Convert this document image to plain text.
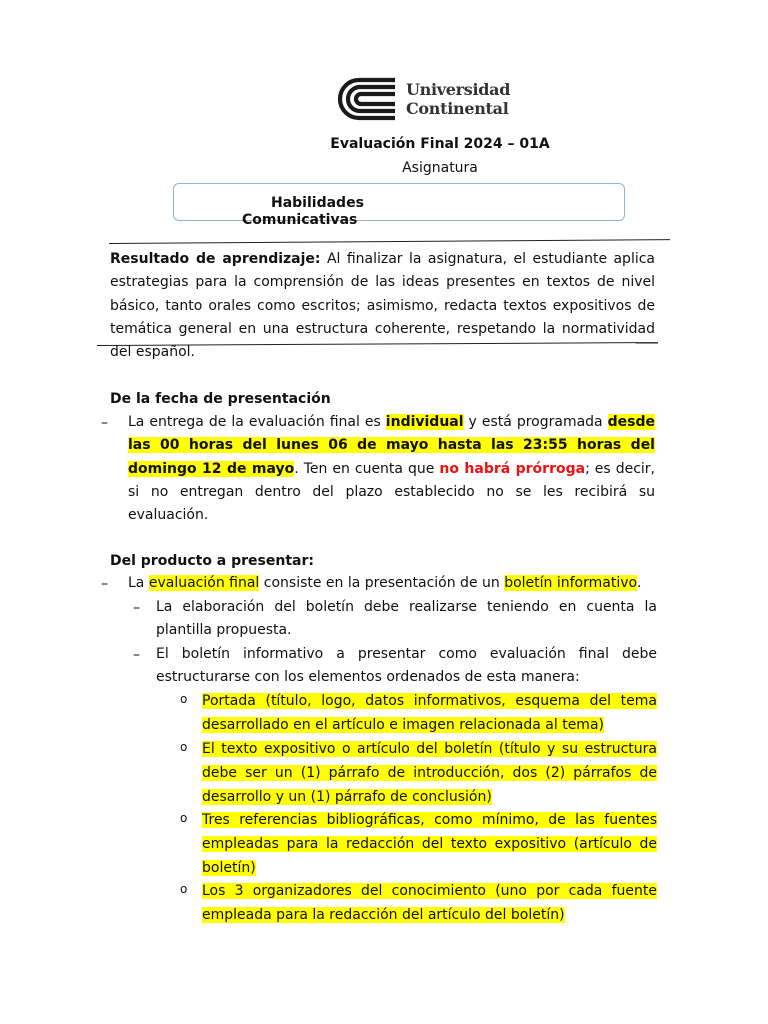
Universidad
Continental
Evaluación Final 2024 – 01A
Asignatura
Habilidades
Comunicativas
Resultado de aprendizaje: Al finalizar la asignatura, el estudiante aplica estrategias para la comprensión de las ideas presentes en textos de nivel básico, tanto orales como escritos; asimismo, redacta textos expositivos de temática general en una estructura coherente, respetando la normatividad del español.
De la fecha de presentación
– La entrega de la evaluación final es individual y está programada desde las 00 horas del lunes 06 de mayo hasta las 23:55 horas del domingo 12 de mayo. Ten en cuenta que no habrá prórroga; es decir, si no entregan dentro del plazo establecido no se les recibirá su evaluación.
Del producto a presentar:
– La evaluación final consiste en la presentación de un boletín informativo.
– La elaboración del boletín debe realizarse teniendo en cuenta la plantilla propuesta.
– El boletín informativo a presentar como evaluación final debe estructurarse con los elementos ordenados de esta manera:
o Portada (título, logo, datos informativos, esquema del tema desarrollado en el artículo e imagen relacionada al tema)
o El texto expositivo o artículo del boletín (título y su estructura debe ser un (1) párrafo de introducción, dos (2) párrafos de desarrollo y un (1) párrafo de conclusión)
o Tres referencias bibliográficas, como mínimo, de las fuentes empleadas para la redacción del texto expositivo (artículo de boletín)
o Los 3 organizadores del conocimiento (uno por cada fuente empleada para la redacción del artículo del boletín)
